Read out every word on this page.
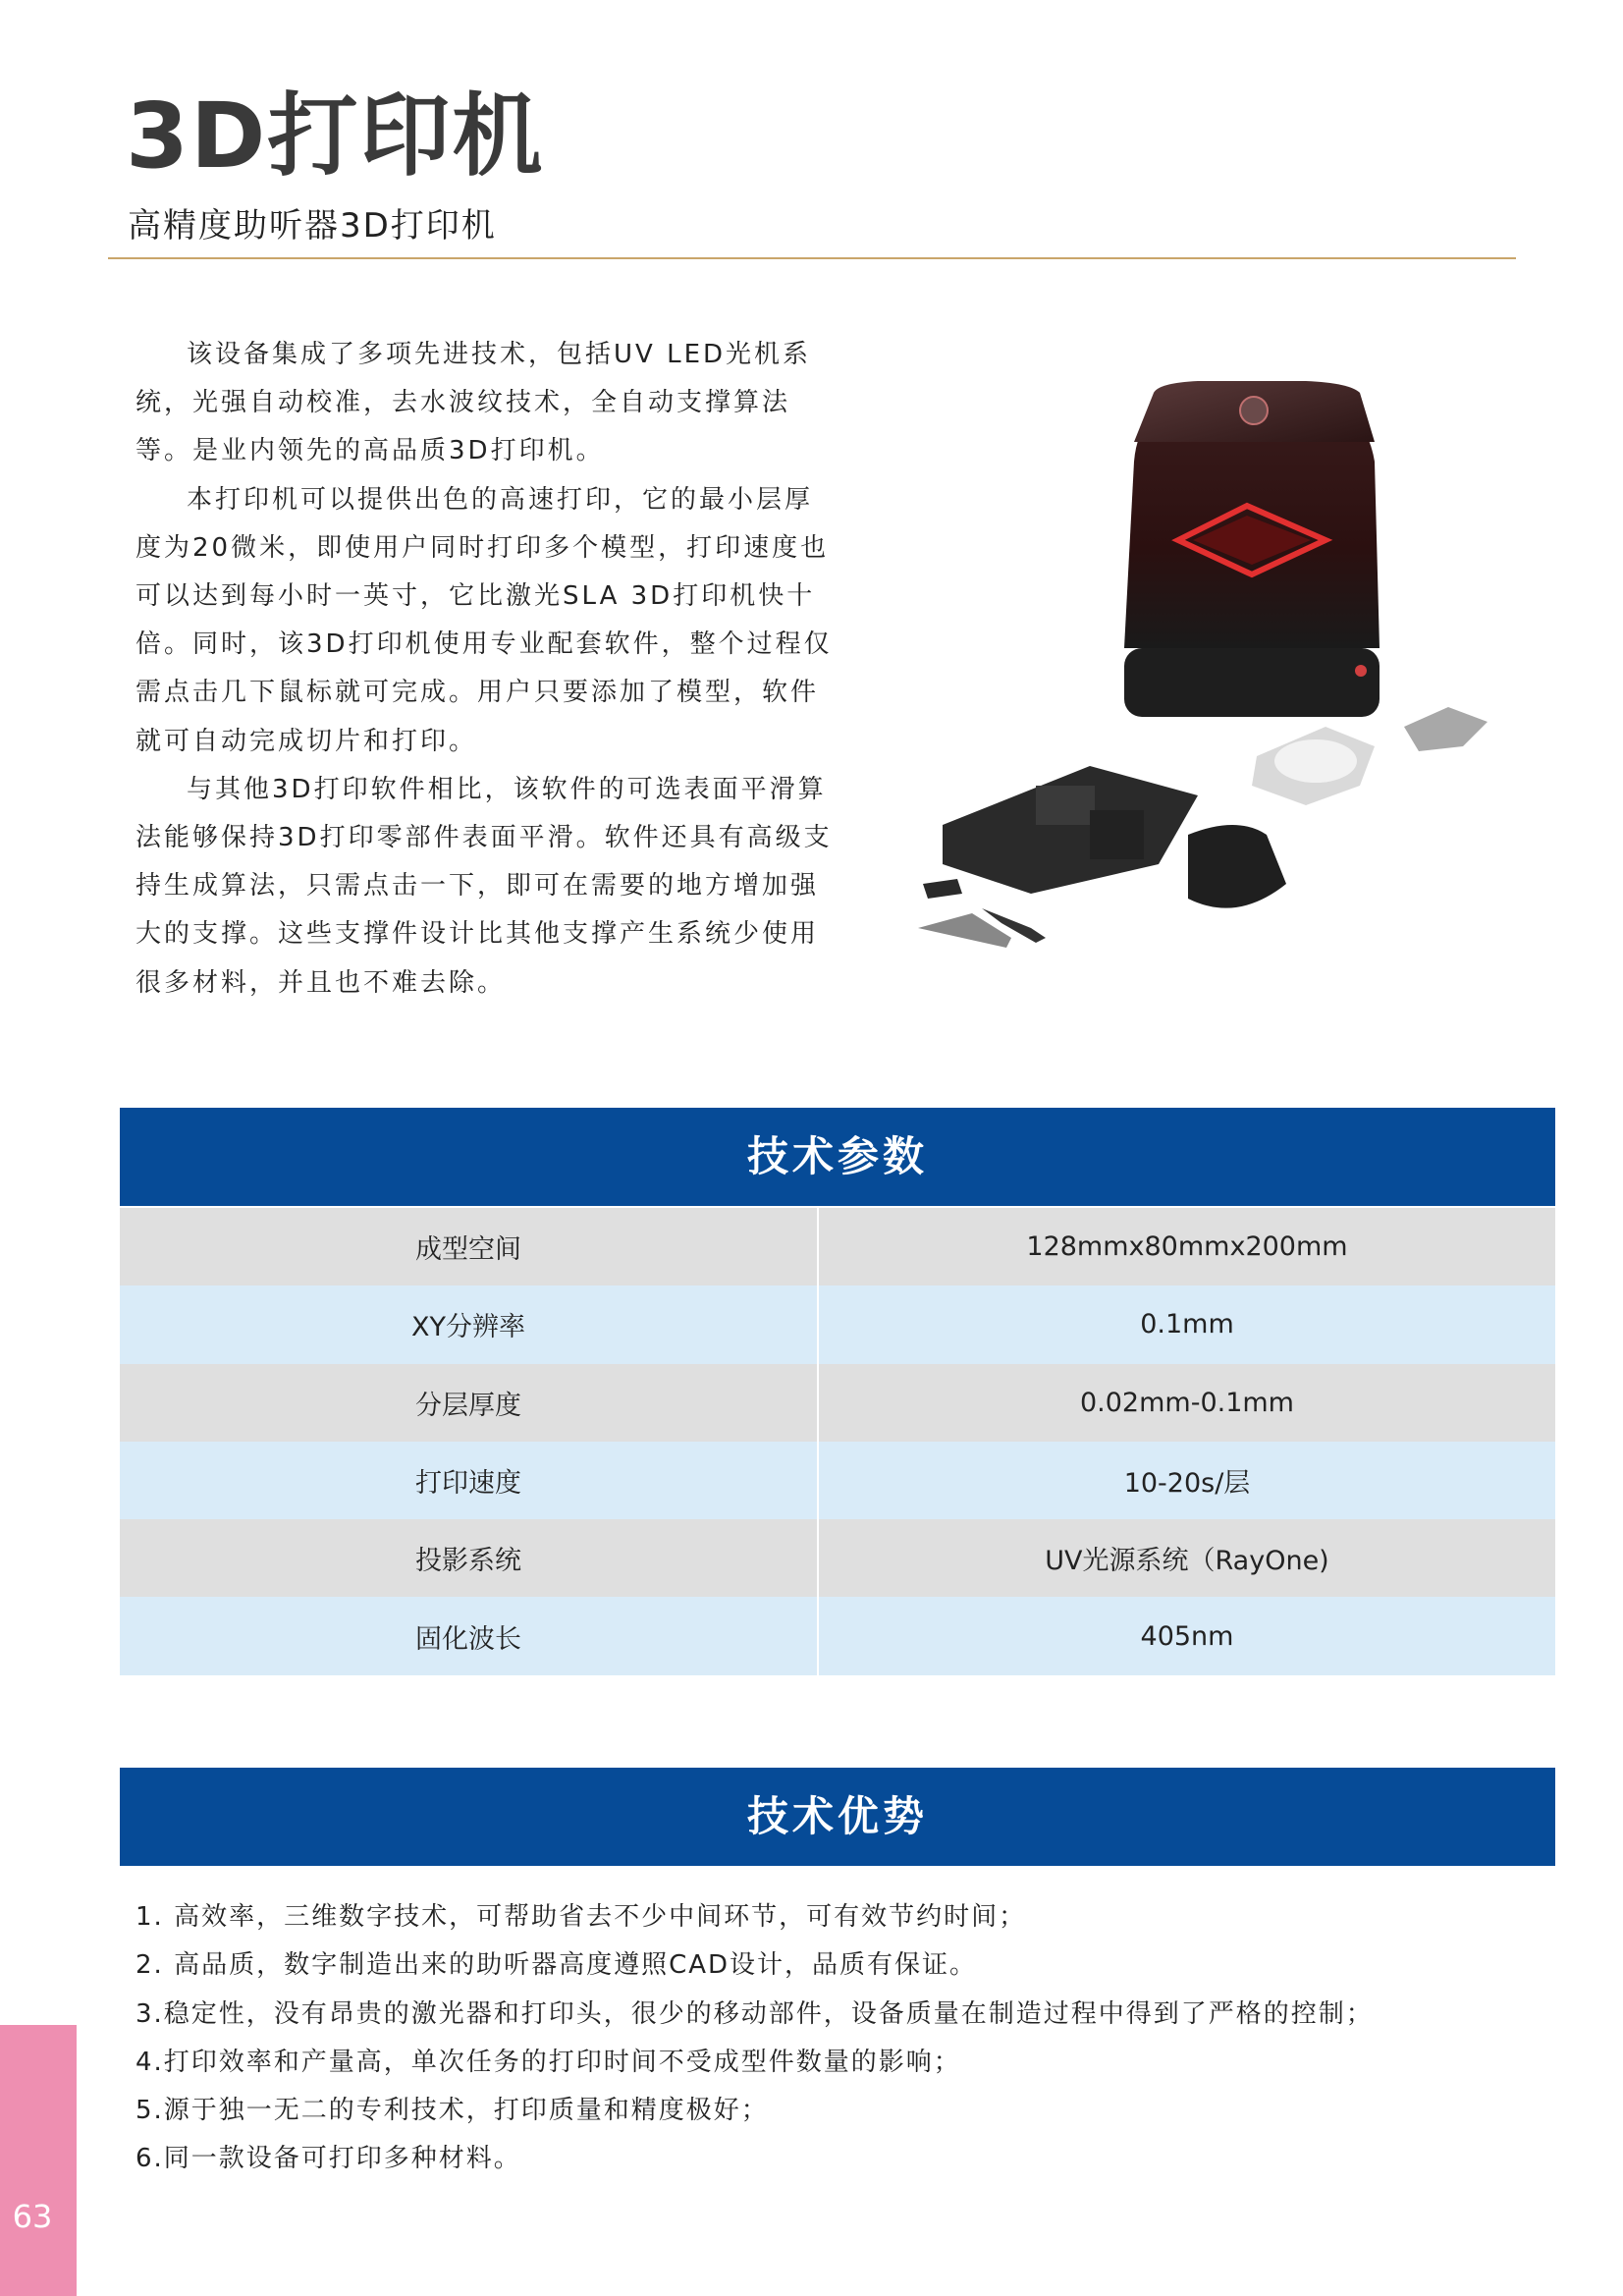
3D打印机
高精度助听器3D打印机

该设备集成了多项先进技术，包括UV LED光机系统，光强自动校准，去水波纹技术，全自动支撑算法等。是业内领先的高品质3D打印机。

本打印机可以提供出色的高速打印，它的最小层厚度为20微米，即使用户同时打印多个模型，打印速度也可以达到每小时一英寸，它比激光SLA 3D打印机快十倍。同时，该3D打印机使用专业配套软件，整个过程仅需点击几下鼠标就可完成。用户只要添加了模型，软件就可自动完成切片和打印。

与其他3D打印软件相比，该软件的可选表面平滑算法能够保持3D打印零部件表面平滑。软件还具有高级支持生成算法，只需点击一下，即可在需要的地方增加强大的支撑。这些支撑件设计比其他支撑产生系统少使用很多材料，并且也不难去除。

技术参数
成型空间	128mmx80mmx200mm
XY分辨率	0.1mm
分层厚度	0.02mm-0.1mm
打印速度	10-20s/层
投影系统	UV光源系统（RayOne)
固化波长	405nm
技术优势
1. 高效率，三维数字技术，可帮助省去不少中间环节，可有效节约时间；
2. 高品质，数字制造出来的助听器高度遵照CAD设计，品质有保证。
3.稳定性，没有昂贵的激光器和打印头，很少的移动部件，设备质量在制造过程中得到了严格的控制；
4.打印效率和产量高，单次任务的打印时间不受成型件数量的影响；
5.源于独一无二的专利技术，打印质量和精度极好；
6.同一款设备可打印多种材料。
63
